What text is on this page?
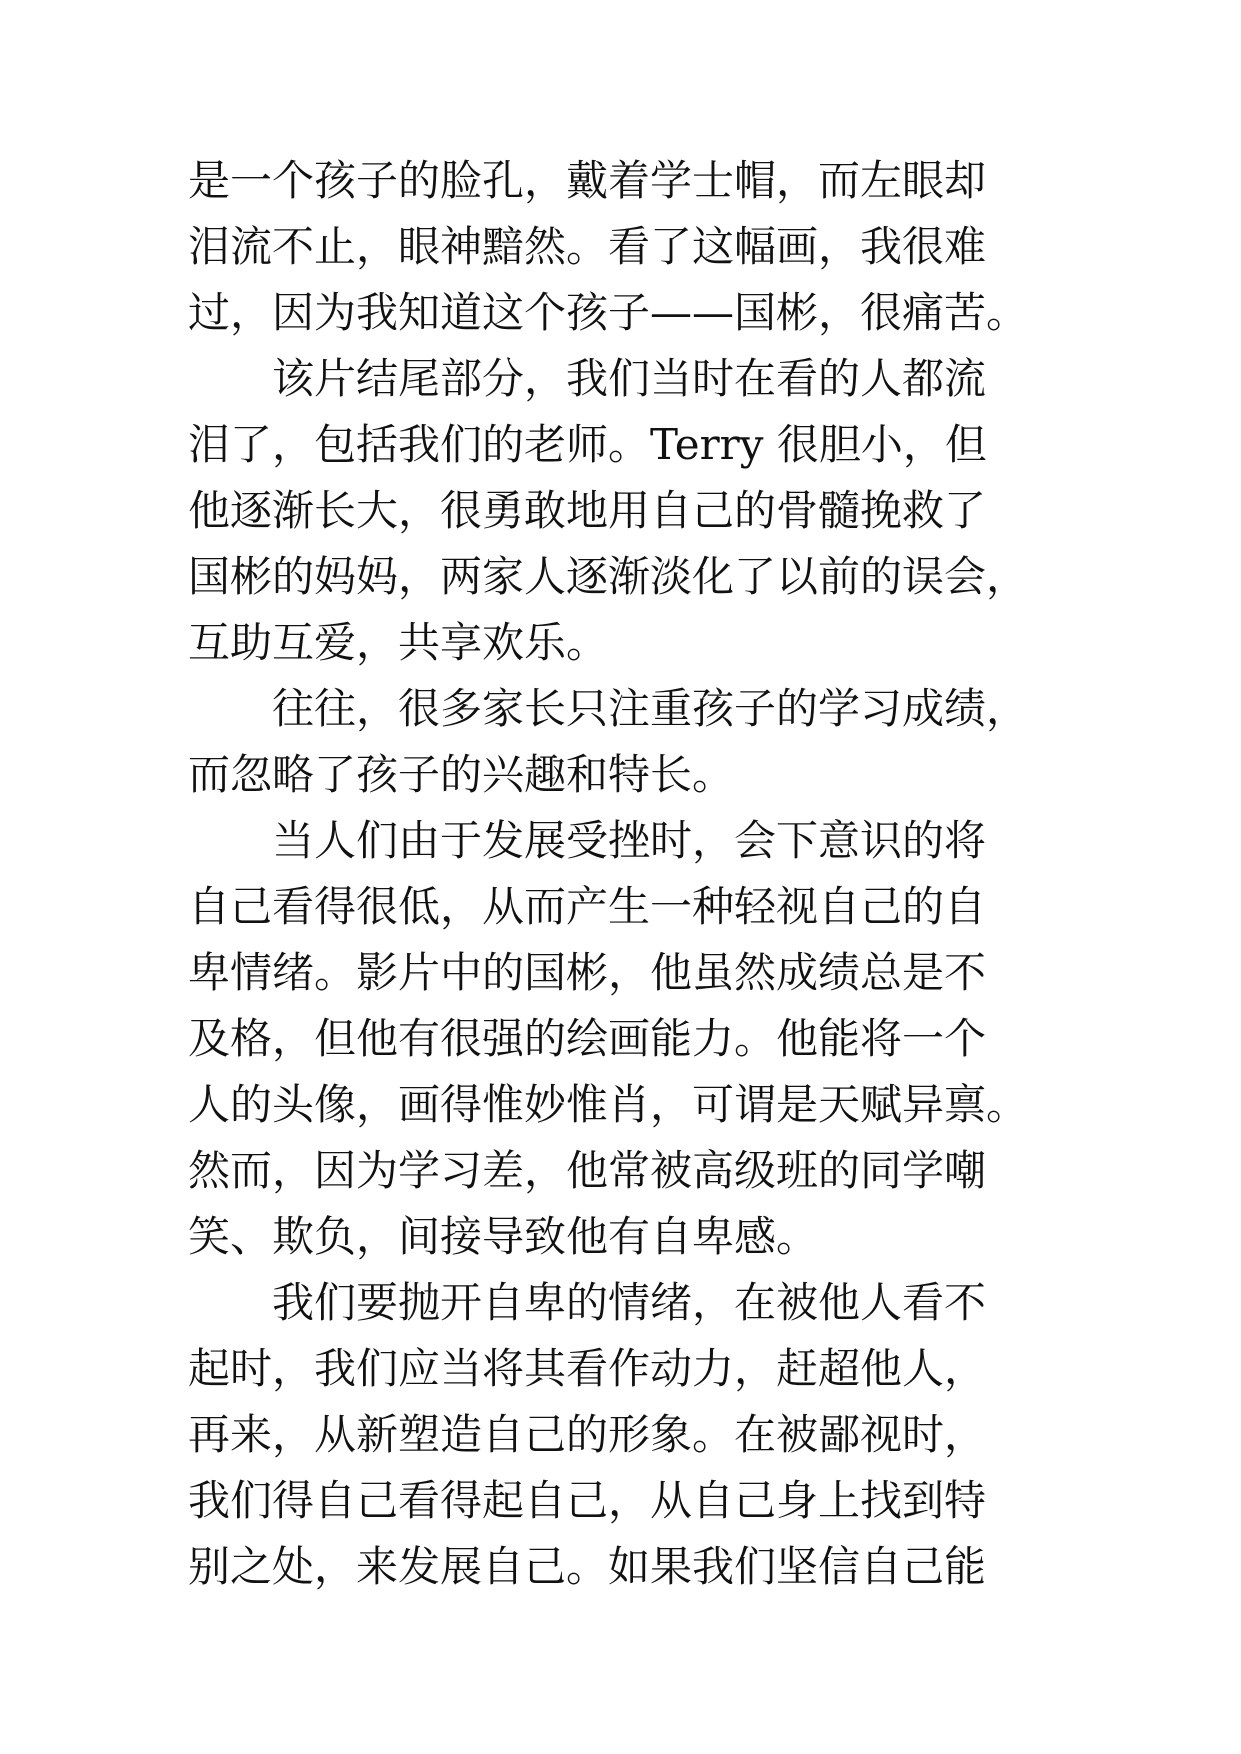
是一个孩子的脸孔，戴着学士帽，而左眼却
泪流不止，眼神黯然。看了这幅画，我很难
过，因为我知道这个孩子——国彬，很痛苦。
该片结尾部分，我们当时在看的人都流
泪了，包括我们的老师。Terry 很胆小，但
他逐渐长大，很勇敢地用自己的骨髓挽救了
国彬的妈妈，两家人逐渐淡化了以前的误会，
互助互爱，共享欢乐。
往往，很多家长只注重孩子的学习成绩，
而忽略了孩子的兴趣和特长。
当人们由于发展受挫时，会下意识的将
自己看得很低，从而产生一种轻视自己的自
卑情绪。影片中的国彬，他虽然成绩总是不
及格，但他有很强的绘画能力。他能将一个
人的头像，画得惟妙惟肖，可谓是天赋异禀。
然而，因为学习差，他常被高级班的同学嘲
笑、欺负，间接导致他有自卑感。
我们要抛开自卑的情绪，在被他人看不
起时，我们应当将其看作动力，赶超他人，
再来，从新塑造自己的形象。在被鄙视时，
我们得自己看得起自己，从自己身上找到特
别之处，来发展自己。如果我们坚信自己能
